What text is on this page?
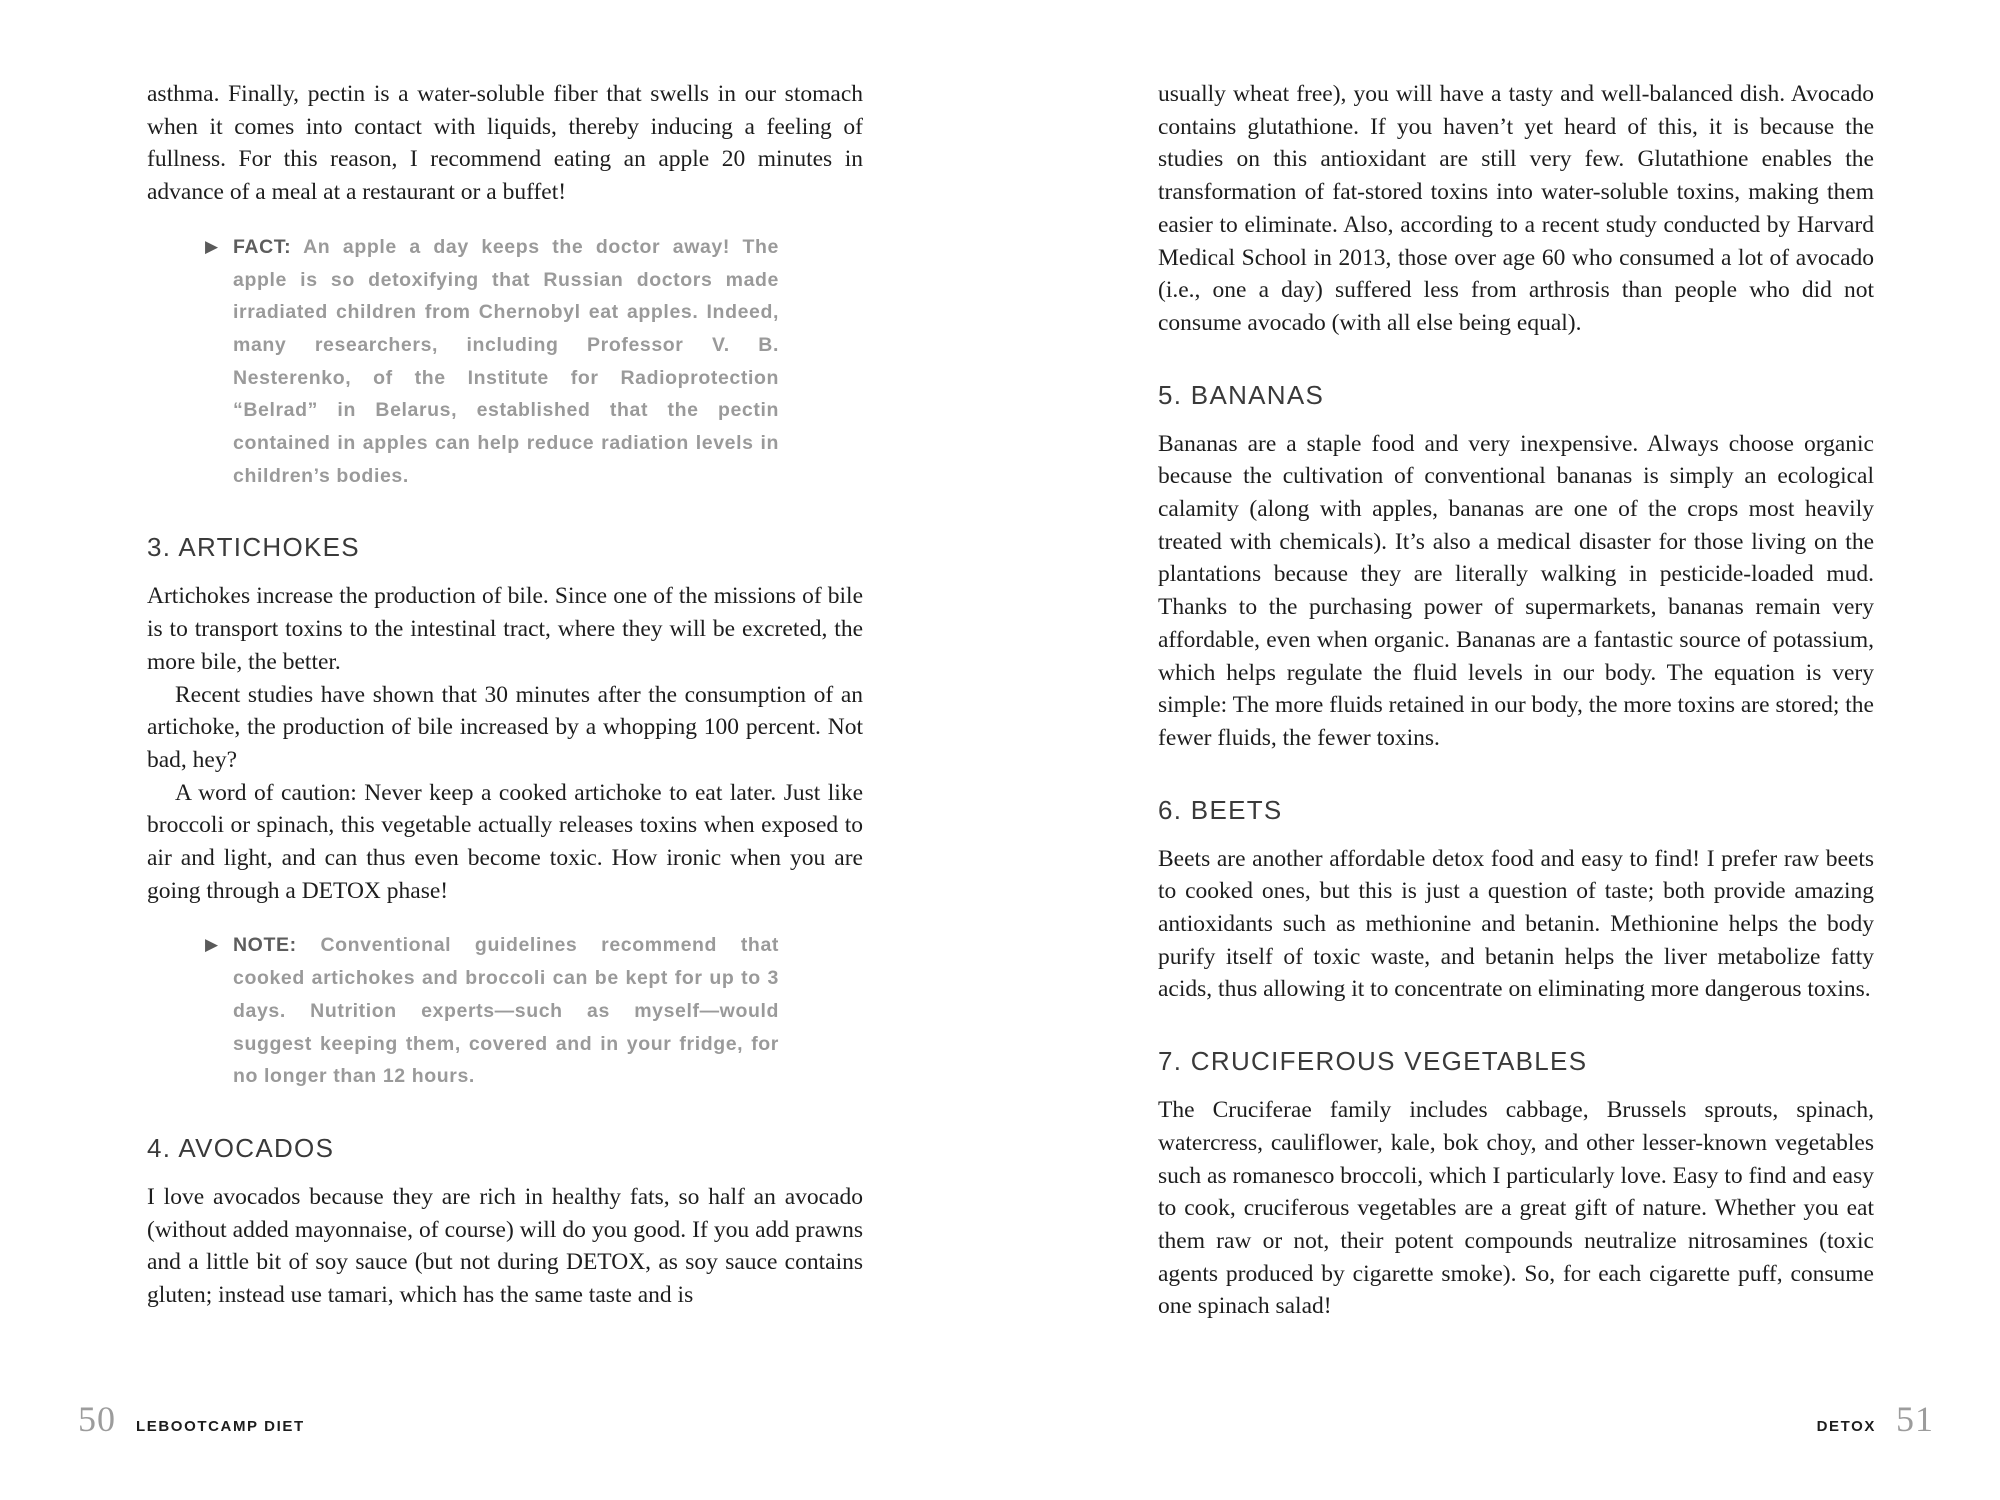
asthma. Finally, pectin is a water-soluble fiber that swells in our stomach when it comes into contact with liquids, thereby inducing a feeling of fullness. For this reason, I recommend eating an apple 20 minutes in advance of a meal at a restaurant or a buffet!

▶ FACT: An apple a day keeps the doctor away! The apple is so detoxifying that Russian doctors made irradiated children from Chernobyl eat apples. Indeed, many researchers, including Professor V. B. Nesterenko, of the Institute for Radioprotection “Belrad” in Belarus, established that the pectin contained in apples can help reduce radiation levels in children’s bodies.
3. ARTICHOKES

Artichokes increase the production of bile. Since one of the missions of bile is to transport toxins to the intestinal tract, where they will be excreted, the more bile, the better.

Recent studies have shown that 30 minutes after the consumption of an artichoke, the production of bile increased by a whopping 100 percent. Not bad, hey?

A word of caution: Never keep a cooked artichoke to eat later. Just like broccoli or spinach, this vegetable actually releases toxins when exposed to air and light, and can thus even become toxic. How ironic when you are going through a DETOX phase!

▶ NOTE: Conventional guidelines recommend that cooked artichokes and broccoli can be kept for up to 3 days. Nutrition experts—such as myself—would suggest keeping them, covered and in your fridge, for no longer than 12 hours.
4. AVOCADOS

I love avocados because they are rich in healthy fats, so half an avocado (without added mayonnaise, of course) will do you good. If you add prawns and a little bit of soy sauce (but not during DETOX, as soy sauce contains gluten; instead use tamari, which has the same taste and is

50 LEBOOTCAMP DIET

usually wheat free), you will have a tasty and well-balanced dish. Avocado contains glutathione. If you haven’t yet heard of this, it is because the studies on this antioxidant are still very few. Glutathione enables the transformation of fat-stored toxins into water-soluble toxins, making them easier to eliminate. Also, according to a recent study conducted by Harvard Medical School in 2013, those over age 60 who consumed a lot of avocado (i.e., one a day) suffered less from arthrosis than people who did not consume avocado (with all else being equal).

5. BANANAS

Bananas are a staple food and very inexpensive. Always choose organic because the cultivation of conventional bananas is simply an ecological calamity (along with apples, bananas are one of the crops most heavily treated with chemicals). It’s also a medical disaster for those living on the plantations because they are literally walking in pesticide-loaded mud. Thanks to the purchasing power of supermarkets, bananas remain very affordable, even when organic. Bananas are a fantastic source of potassium, which helps regulate the fluid levels in our body. The equation is very simple: The more fluids retained in our body, the more toxins are stored; the fewer fluids, the fewer toxins.

6. BEETS

Beets are another affordable detox food and easy to find! I prefer raw beets to cooked ones, but this is just a question of taste; both provide amazing antioxidants such as methionine and betanin. Methionine helps the body purify itself of toxic waste, and betanin helps the liver metabolize fatty acids, thus allowing it to concentrate on eliminating more dangerous toxins.

7. CRUCIFEROUS VEGETABLES

The Cruciferae family includes cabbage, Brussels sprouts, spinach, watercress, cauliflower, kale, bok choy, and other lesser-known vegetables such as romanesco broccoli, which I particularly love. Easy to find and easy to cook, cruciferous vegetables are a great gift of nature. Whether you eat them raw or not, their potent compounds neutralize nitrosamines (toxic agents produced by cigarette smoke). So, for each cigarette puff, consume one spinach salad!

DETOX 51
